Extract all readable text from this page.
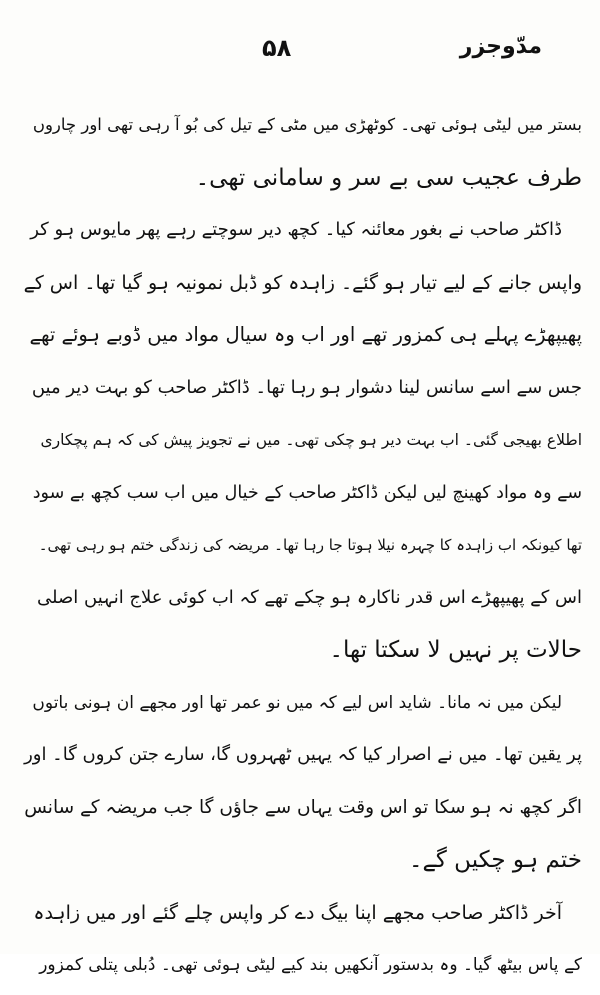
۵۸	مدّوجزر
بستر میں لیٹی ہوئی تھی۔ کوٹھڑی میں مٹی کے تیل کی بُو آ رہی تھی اور چاروں
طرف عجیب سی بے سر و سامانی تھی۔
ڈاکٹر صاحب نے بغور معائنہ کیا۔ کچھ دیر سوچتے رہے پھر مایوس ہو کر
واپس جانے کے لیے تیار ہو گئے۔ زاہدہ کو ڈبل نمونیہ ہو گیا تھا۔ اس کے
پھیپھڑے پہلے ہی کمزور تھے اور اب وہ سیال مواد میں ڈوبے ہوئے تھے
جس سے اسے سانس لینا دشوار ہو رہا تھا۔ ڈاکٹر صاحب کو بہت دیر میں
اطلاع بھیجی گئی۔ اب بہت دیر ہو چکی تھی۔ میں نے تجویز پیش کی کہ ہم پچکاری
سے وہ مواد کھینچ لیں لیکن ڈاکٹر صاحب کے خیال میں اب سب کچھ بے سود
تھا کیونکہ اب زاہدہ کا چہرہ نیلا ہوتا جا رہا تھا۔ مریضہ کی زندگی ختم ہو رہی تھی۔
اس کے پھیپھڑے اس قدر ناکارہ ہو چکے تھے کہ اب کوئی علاج انہیں اصلی
حالات پر نہیں لا سکتا تھا۔
لیکن میں نہ مانا۔ شاید اس لیے کہ میں نو عمر تھا اور مجھے ان ہونی باتوں
پر یقین تھا۔ میں نے اصرار کیا کہ یہیں ٹھہروں گا، سارے جتن کروں گا۔ اور
اگر کچھ نہ ہو سکا تو اس وقت یہاں سے جاؤں گا جب مریضہ کے سانس
ختم ہو چکیں گے۔
آخر ڈاکٹر صاحب مجھے اپنا بیگ دے کر واپس چلے گئے اور میں زاہدہ
کے پاس بیٹھ گیا۔ وہ بدستور آنکھیں بند کیے لیٹی ہوئی تھی۔ دُبلی پتلی کمزور
